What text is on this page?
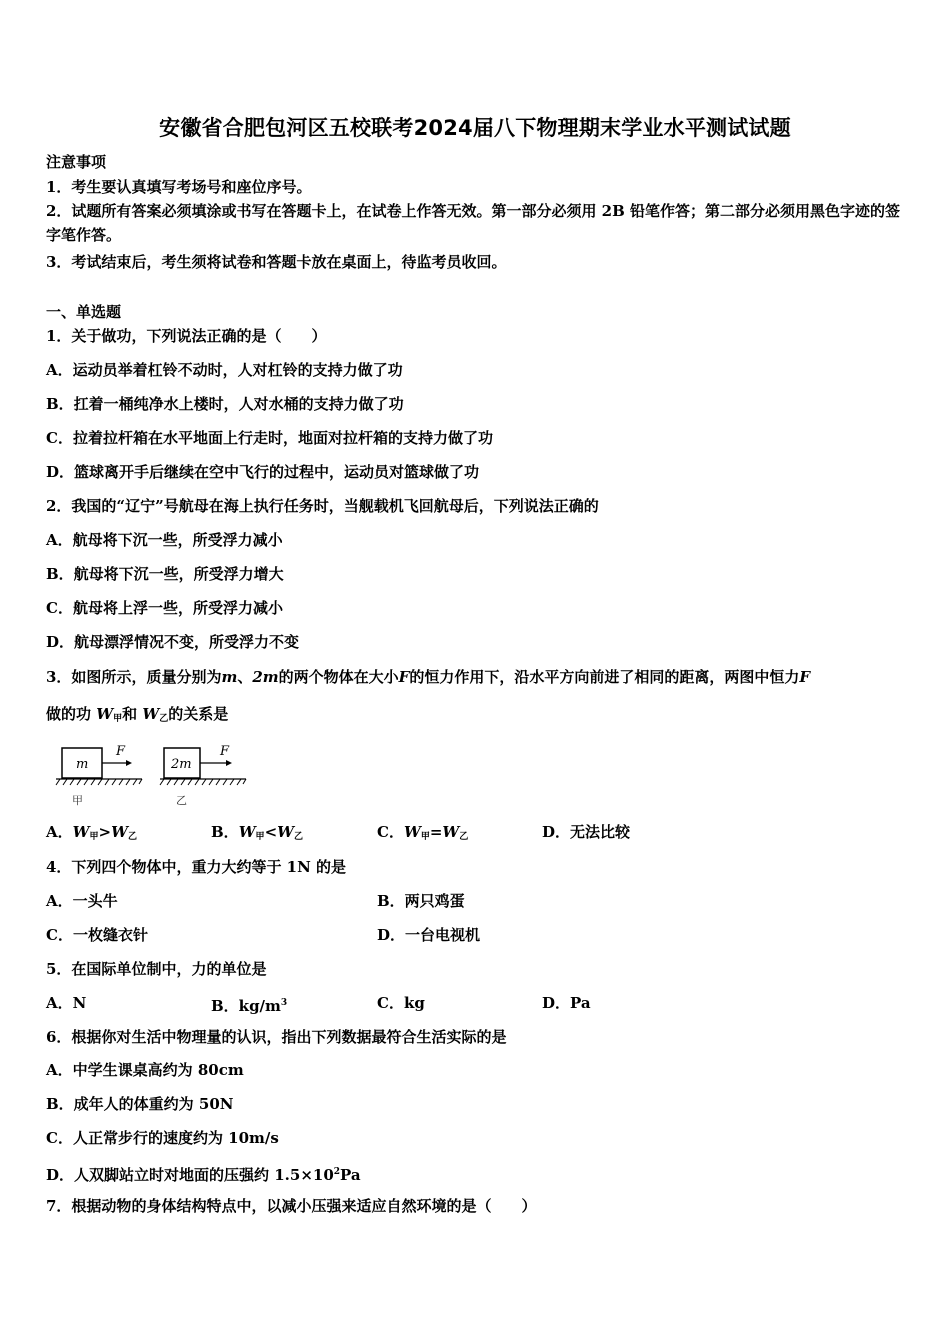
安徽省合肥包河区五校联考2024届八下物理期末学业水平测试试题
注意事项
1．考生要认真填写考场号和座位序号。
2．试题所有答案必须填涂或书写在答题卡上，在试卷上作答无效。第一部分必须用 2B 铅笔作答；第二部分必须用黑色字迹的签字笔作答。
3．考试结束后，考生须将试卷和答题卡放在桌面上，待监考员收回。
一、单选题
1．关于做功，下列说法正确的是（　　）
A．运动员举着杠铃不动时，人对杠铃的支持力做了功
B．扛着一桶纯净水上楼时，人对水桶的支持力做了功
C．拉着拉杆箱在水平地面上行走时，地面对拉杆箱的支持力做了功
D．篮球离开手后继续在空中飞行的过程中，运动员对篮球做了功
2．我国的“辽宁”号航母在海上执行任务时，当舰载机飞回航母后，下列说法正确的
A．航母将下沉一些，所受浮力减小
B．航母将下沉一些，所受浮力增大
C．航母将上浮一些，所受浮力减小
D．航母漂浮情况不变，所受浮力不变
3．如图所示，质量分别为m、2m的两个物体在大小F的恒力作用下，沿水平方向前进了相同的距离，两图中恒力F
做的功 $W_甲$和 $W_乙$的关系是
m
F
甲
2m
F
乙
A．$W_甲>W_乙$	B．$W_甲<W_乙$	C．$W_甲=W_乙$	D．无法比较
4．下列四个物体中，重力大约等于 1N 的是
A．一头牛	B．两只鸡蛋
C．一枚缝衣针	D．一台电视机
5．在国际单位制中，力的单位是
A．N	B．$kg/m^3$	C．kg	D．Pa
6．根据你对生活中物理量的认识，指出下列数据最符合生活实际的是
A．中学生课桌高约为 80cm
B．成年人的体重约为 50N
C．人正常步行的速度约为 10m/s
D．人双脚站立时对地面的压强约 $1.5\times 10^2Pa$
7．根据动物的身体结构特点中，以减小压强来适应自然环境的是（　　）
